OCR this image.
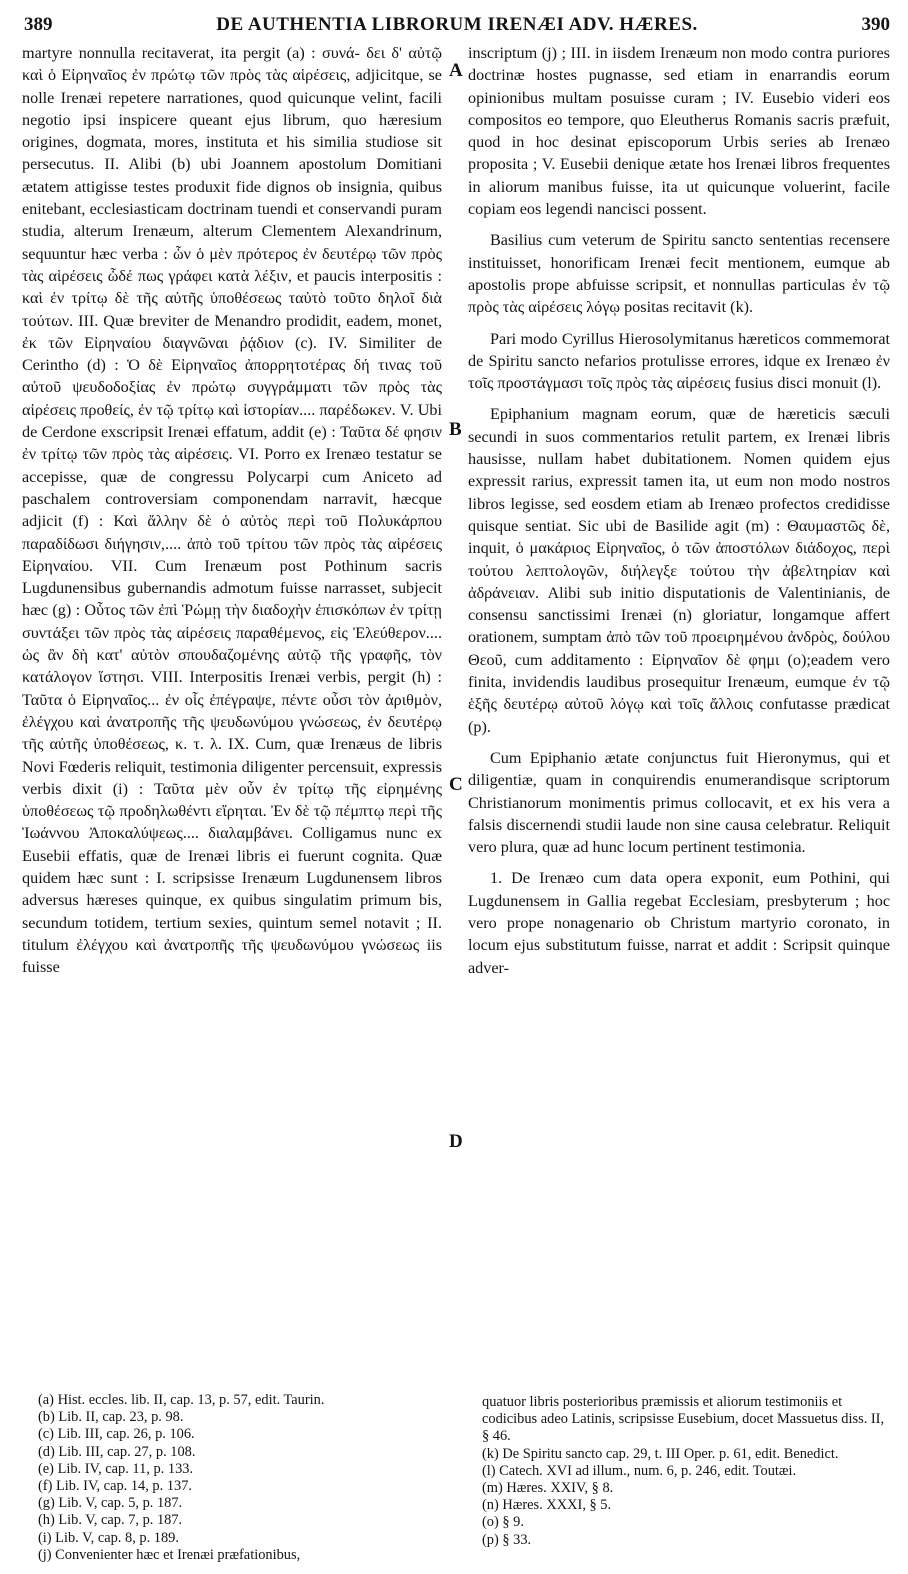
389	DE AUTHENTIA LIBRORUM IRENÆI ADV. HÆRES.	390

martyre nonnulla recitaverat, ita pergit (a) : συνά- δει δ' αὐτῷ καὶ ὁ Εἰρηναῖος ἐν πρώτῳ τῶν πρὸς τὰς αἱρέσεις, adjicitque, se nolle Irenæi repetere narrationes, quod quicunque velint, facili negotio ipsi inspicere queant ejus librum, quo hæresium origines, dogmata, mores, instituta et his similia studiose sit persecutus. II. Alibi (b) ubi Joannem apostolum Domitiani ætatem attigisse testes produxit fide dignos ob insignia, quibus enitebant, ecclesiasticam doctrinam tuendi et conservandi puram studia, alterum Irenæum, alterum Clementem Alexandrinum, sequuntur hæc verba : ὧν ὁ μὲν πρότερος ἐν δευτέρῳ τῶν πρὸς τὰς αἱρέσεις ὧδέ πως γράφει κατὰ λέξιν, et paucis interpositis : καὶ ἐν τρίτῳ δὲ τῆς αὐτῆς ὑποθέσεως ταὐτὸ τοῦτο δηλοῖ διὰ τούτων. III. Quæ breviter de Menandro prodidit, eadem, monet, ἐκ τῶν Εἰρηναίου διαγνῶναι ῥᾴδιον (c). IV. Similiter de Cerintho (d) : Ὁ δὲ Εἰρηναῖος ἀπορρητοτέρας δή τινας τοῦ αὐτοῦ ψευδοδοξίας ἐν πρώτῳ συγγράμματι τῶν πρὸς τὰς αἱρέσεις προθείς, ἐν τῷ τρίτῳ καὶ ἱστορίαν.... παρέδωκεν. V. Ubi de Cerdone exscripsit Irenæi effatum, addit (e) : Ταῦτα δέ φησιν ἐν τρίτῳ τῶν πρὸς τὰς αἱρέσεις. VI. Porro ex Irenæo testatur se accepisse, quæ de congressu Polycarpi cum Aniceto ad paschalem controversiam componendam narravit, hæcque adjicit (f) : Καὶ ἄλλην δὲ ὁ αὐτὸς περὶ τοῦ Πολυκάρπου παραδίδωσι διήγησιν,.... ἀπὸ τοῦ τρίτου τῶν πρὸς τὰς αἱρέσεις Εἰρηναίου. VII. Cum Irenæum post Pothinum sacris Lugdunensibus gubernandis admotum fuisse narrasset, subjecit hæc (g) : Οὗτος τῶν ἐπὶ Ῥώμῃ τὴν διαδοχὴν ἐπισκόπων ἐν τρίτῃ συντάξει τῶν πρὸς τὰς αἱρέσεις παραθέμενος, εἰς Ἐλεύθερον.... ὡς ἂν δὴ κατ' αὐτὸν σπουδαζομένης αὐτῷ τῆς γραφῆς, τὸν κατάλογον ἵστησι. VIII. Interpositis Irenæi verbis, pergit (h) : Ταῦτα ὁ Εἰρηναῖος... ἐν οἷς ἐπέγραψε, πέντε οὖσι τὸν ἀριθμὸν, ἐλέγχου καὶ ἀνατροπῆς τῆς ψευδωνύμου γνώσεως, ἐν δευτέρῳ τῆς αὐτῆς ὑποθέσεως, κ. τ. λ. IX. Cum, quæ Irenæus de libris Novi Fœderis reliquit, testimonia diligenter percensuit, expressis verbis dixit (i) : Ταῦτα μὲν οὖν ἐν τρίτῳ τῆς εἰρημένης ὑποθέσεως τῷ προδηλωθέντι εἴρηται. Ἐν δὲ τῷ πέμπτῳ περὶ τῆς Ἰωάννου Ἀποκαλύψεως.... διαλαμβάνει. Colligamus nunc ex Eusebii effatis, quæ de Irenæi libris ei fuerunt cognita. Quæ quidem hæc sunt : I. scripsisse Irenæum Lugdunensem libros adversus hæreses quinque, ex quibus singulatim primum bis, secundum totidem, tertium sexies, quintum semel notavit ; II. titulum ἐλέγχου καὶ ἀνατροπῆς τῆς ψευδωνύμου γνώσεως iis fuisse

A
B
C
D

inscriptum (j) ; III. in iisdem Irenæum non modo contra puriores doctrinæ hostes pugnasse, sed etiam in enarrandis eorum opinionibus multam posuisse curam ; IV. Eusebio videri eos compositos eo tempore, quo Eleutherus Romanis sacris præfuit, quod in hoc desinat episcoporum Urbis series ab Irenæo proposita ; V. Eusebii denique ætate hos Irenæi libros frequentes in aliorum manibus fuisse, ita ut quicunque voluerint, facile copiam eos legendi nancisci possent.

Basilius cum veterum de Spiritu sancto sententias recensere instituisset, honorificam Irenæi fecit mentionem, eumque ab apostolis prope abfuisse scripsit, et nonnullas particulas ἐν τῷ πρὸς τὰς αἱρέσεις λόγῳ positas recitavit (k).

Pari modo Cyrillus Hierosolymitanus hæreticos commemorat de Spiritu sancto nefarios protulisse errores, idque ex Irenæo ἐν τοῖς προστάγμασι τοῖς πρὸς τὰς αἱρέσεις fusius disci monuit (l).

Epiphanium magnam eorum, quæ de hæreticis sæculi secundi in suos commentarios retulit partem, ex Irenæi libris hausisse, nullam habet dubitationem. Nomen quidem ejus expressit rarius, expressit tamen ita, ut eum non modo nostros libros legisse, sed eosdem etiam ab Irenæo profectos credidisse quisque sentiat. Sic ubi de Basilide agit (m) : Θαυμαστῶς δὲ, inquit, ὁ μακάριος Εἰρηναῖος, ὁ τῶν ἀποστόλων διάδοχος, περὶ τούτου λεπτολογῶν, διήλεγξε τούτου τὴν ἀβελτηρίαν καὶ ἀδράνειαν. Alibi sub initio disputationis de Valentinianis, de consensu sanctissimi Irenæi (n) gloriatur, longamque affert orationem, sumptam ἀπὸ τῶν τοῦ προειρημένου ἀνδρὸς, δούλου Θεοῦ, cum additamento : Εἰρηναῖον δὲ φημι (o);eadem vero finita, invidendis laudibus prosequitur Irenæum, eumque ἐν τῷ ἑξῆς δευτέρῳ αὐτοῦ λόγῳ καὶ τοῖς ἄλλοις confutasse prædicat (p).

Cum Epiphanio ætate conjunctus fuit Hieronymus, qui et diligentiæ, quam in conquirendis enumerandisque scriptorum Christianorum monimentis primus collocavit, et ex his vera a falsis discernendi studii laude non sine causa celebratur. Reliquit vero plura, quæ ad hunc locum pertinent testimonia.

1. De Irenæo cum data opera exponit, eum Pothini, qui Lugdunensem in Gallia regebat Ecclesiam, presbyterum ; hoc vero prope nonagenario ob Christum martyrio coronato, in locum ejus substitutum fuisse, narrat et addit : Scripsit quinque adver-

(a) Hist. eccles. lib. II, cap. 13, p. 57, edit. Taurin.

(b) Lib. II, cap. 23, p. 98.

(c) Lib. III, cap. 26, p. 106.

(d) Lib. III, cap. 27, p. 108.

(e) Lib. IV, cap. 11, p. 133.

(f) Lib. IV, cap. 14, p. 137.

(g) Lib. V, cap. 5, p. 187.

(h) Lib. V, cap. 7, p. 187.

(i) Lib. V, cap. 8, p. 189.

(j) Convenienter hæc et Irenæi præfationibus,

quatuor libris posterioribus præmissis et aliorum testimoniis et codicibus adeo Latinis, scripsisse Eusebium, docet Massuetus diss. II, § 46.

(k) De Spiritu sancto cap. 29, t. III Oper. p. 61, edit. Benedict.

(l) Catech. XVI ad illum., num. 6, p. 246, edit. Toutæi.

(m) Hæres. XXIV, § 8.

(n) Hæres. XXXI, § 5.

(o) § 9.

(p) § 33.
